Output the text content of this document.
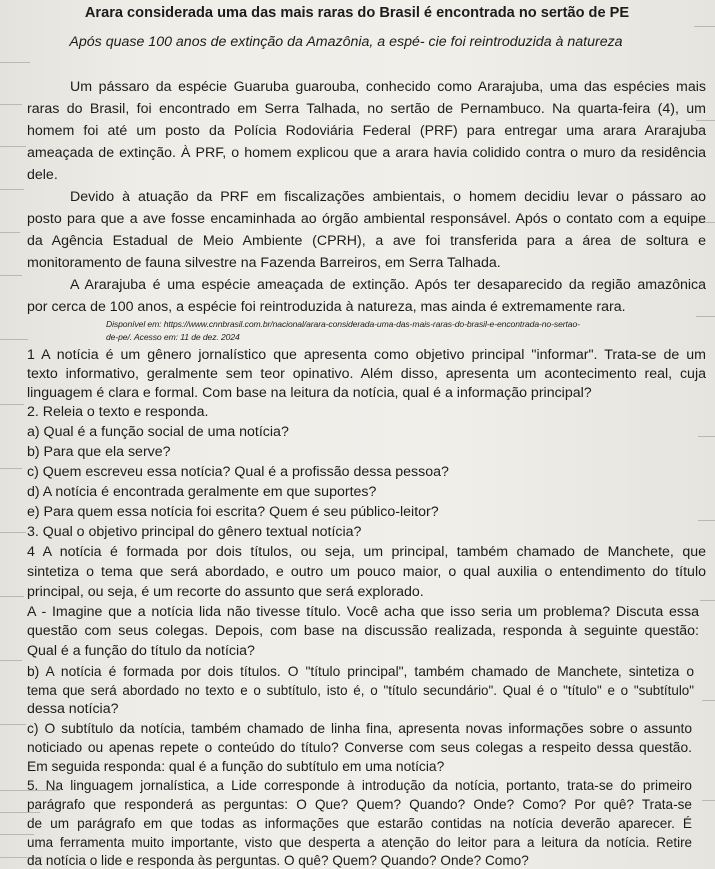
Arara considerada uma das mais raras do Brasil é encontrada no sertão de PE
Após quase 100 anos de extinção da Amazônia, a espé- cie foi reintroduzida à natureza
Um pássaro da espécie Guaruba guarouba, conhecido como Ararajuba, uma das espécies mais
raras do Brasil, foi encontrado em Serra Talhada, no sertão de Pernambuco. Na quarta-feira (4), um
homem foi até um posto da Polícia Rodoviária Federal (PRF) para entregar uma arara Ararajuba
ameaçada de extinção. À PRF, o homem explicou que a arara havia colidido contra o muro da residência
dele.
Devido à atuação da PRF em fiscalizações ambientais, o homem decidiu levar o pássaro ao
posto para que a ave fosse encaminhada ao órgão ambiental responsável. Após o contato com a equipe
da Agência Estadual de Meio Ambiente (CPRH), a ave foi transferida para a área de soltura e
monitoramento de fauna silvestre na Fazenda Barreiros, em Serra Talhada.
A Ararajuba é uma espécie ameaçada de extinção. Após ter desaparecido da região amazônica
por cerca de 100 anos, a espécie foi reintroduzida à natureza, mas ainda é extremamente rara.
Disponível em: https://www.cnnbrasil.com.br/nacional/arara-considerada-uma-das-mais-raras-do-brasil-e-encontrada-no-sertao-
de-pe/. Acesso em: 11 de dez. 2024
1 A notícia é um gênero jornalístico que apresenta como objetivo principal "informar". Trata-se de um
texto informativo, geralmente sem teor opinativo. Além disso, apresenta um acontecimento real, cuja
linguagem é clara e formal. Com base na leitura da notícia, qual é a informação principal?
2. Releia o texto e responda.
a) Qual é a função social de uma notícia?
b) Para que ela serve?
c) Quem escreveu essa notícia? Qual é a profissão dessa pessoa?
d) A notícia é encontrada geralmente em que suportes?
e) Para quem essa notícia foi escrita? Quem é seu público-leitor?
3. Qual o objetivo principal do gênero textual notícia?
4 A notícia é formada por dois títulos, ou seja, um principal, também chamado de Manchete, que
sintetiza o tema que será abordado, e outro um pouco maior, o qual auxilia o entendimento do título
principal, ou seja, é um recorte do assunto que será explorado.
A - Imagine que a notícia lida não tivesse título. Você acha que isso seria um problema? Discuta essa
questão com seus colegas. Depois, com base na discussão realizada, responda à seguinte questão:
Qual é a função do título da notícia?
b) A notícia é formada por dois títulos. O "título principal", também chamado de Manchete, sintetiza o
tema que será abordado no texto e o subtítulo, isto é, o "título secundário". Qual é o "título" e o "subtítulo"
dessa notícia?
c) O subtítulo da notícia, também chamado de linha fina, apresenta novas informações sobre o assunto
noticiado ou apenas repete o conteúdo do título? Converse com seus colegas a respeito dessa questão.
Em seguida responda: qual é a função do subtítulo em uma notícia?
5. Na linguagem jornalística, a Lide corresponde à introdução da notícia, portanto, trata-se do primeiro
parágrafo que responderá as perguntas: O Que? Quem? Quando? Onde? Como? Por quê? Trata-se
de um parágrafo em que todas as informações que estarão contidas na notícia deverão aparecer. É
uma ferramenta muito importante, visto que desperta a atenção do leitor para a leitura da notícia. Retire
da notícia o lide e responda às perguntas. O quê? Quem? Quando? Onde? Como?
